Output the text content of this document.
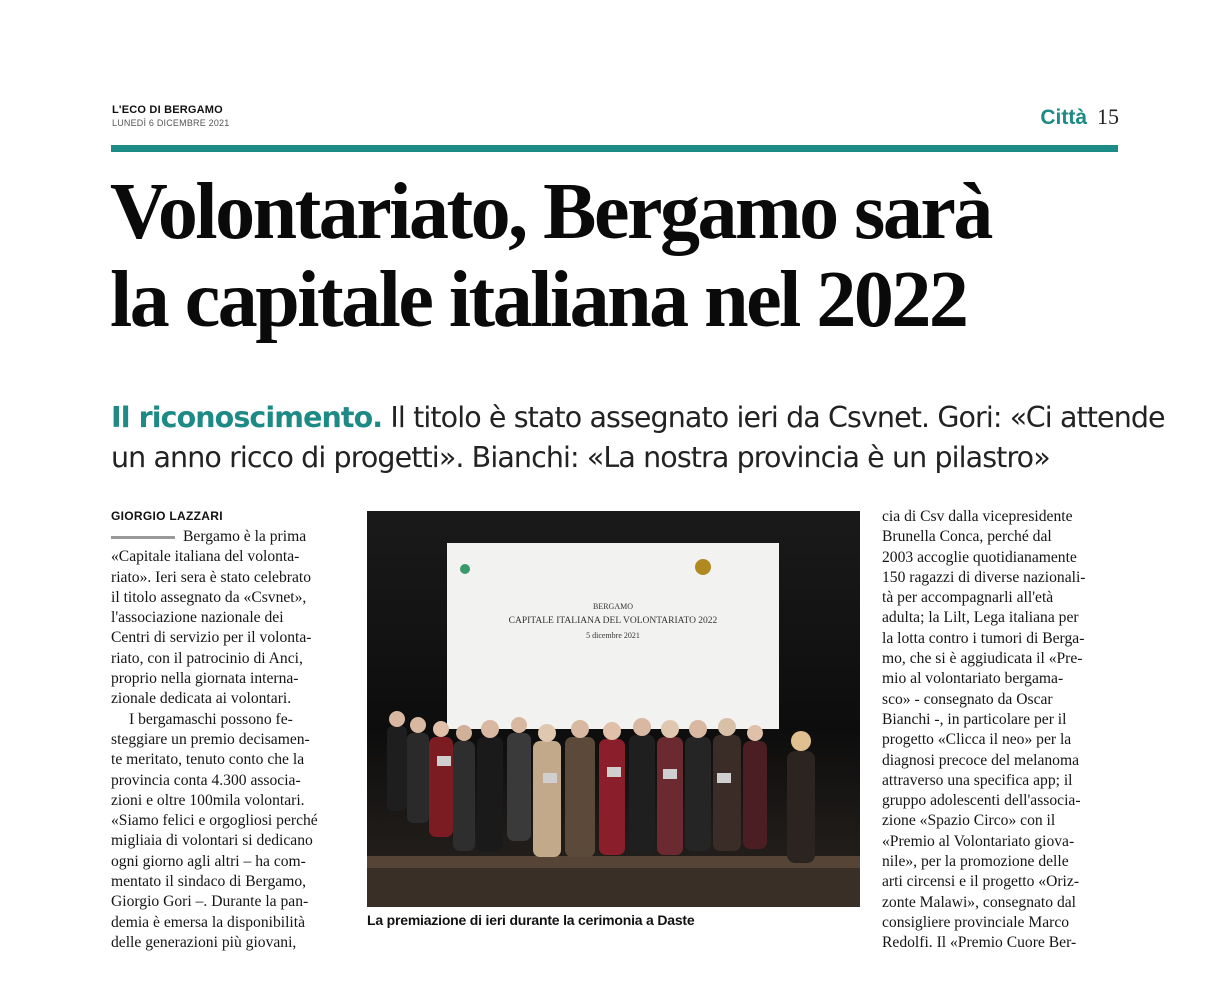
L'ECO DI BERGAMO
LUNEDÌ 6 DICEMBRE 2021	Città 15
Volontariato, Bergamo sarà
la capitale italiana nel 2022
Il riconoscimento. Il titolo è stato assegnato ieri da Csvnet. Gori: «Ci attende
un anno ricco di progetti». Bianchi: «La nostra provincia è un pilastro»
GIORGIO LAZZARI
Bergamo è la prima
«Capitale italiana del volonta-
riato». Ieri sera è stato celebrato
il titolo assegnato da «Csvnet»,
l'associazione nazionale dei
Centri di servizio per il volonta-
riato, con il patrocinio di Anci,
proprio nella giornata interna-
zionale dedicata ai volontari.
I bergamaschi possono fe-
steggiare un premio decisamen-
te meritato, tenuto conto che la
provincia conta 4.300 associa-
zioni e oltre 100mila volontari.
«Siamo felici e orgogliosi perché
migliaia di volontari si dedicano
ogni giorno agli altri – ha com-
mentato il sindaco di Bergamo,
Giorgio Gori –. Durante la pan-
demia è emersa la disponibilità
delle generazioni più giovani,
BERGAMO
CAPITALE ITALIANA DEL VOLONTARIATO 2022
5 dicembre 2021
La premiazione di ieri durante la cerimonia a Daste
cia di Csv dalla vicepresidente
Brunella Conca, perché dal
2003 accoglie quotidianamente
150 ragazzi di diverse nazionali-
tà per accompagnarli all'età
adulta; la Lilt, Lega italiana per
la lotta contro i tumori di Berga-
mo, che si è aggiudicata il «Pre-
mio al volontariato bergama-
sco» - consegnato da Oscar
Bianchi -, in particolare per il
progetto «Clicca il neo» per la
diagnosi precoce del melanoma
attraverso una specifica app; il
gruppo adolescenti dell'associa-
zione «Spazio Circo» con il
«Premio al Volontariato giova-
nile», per la promozione delle
arti circensi e il progetto «Oriz-
zonte Malawi», consegnato dal
consigliere provinciale Marco
Redolfi. Il «Premio Cuore Ber-
